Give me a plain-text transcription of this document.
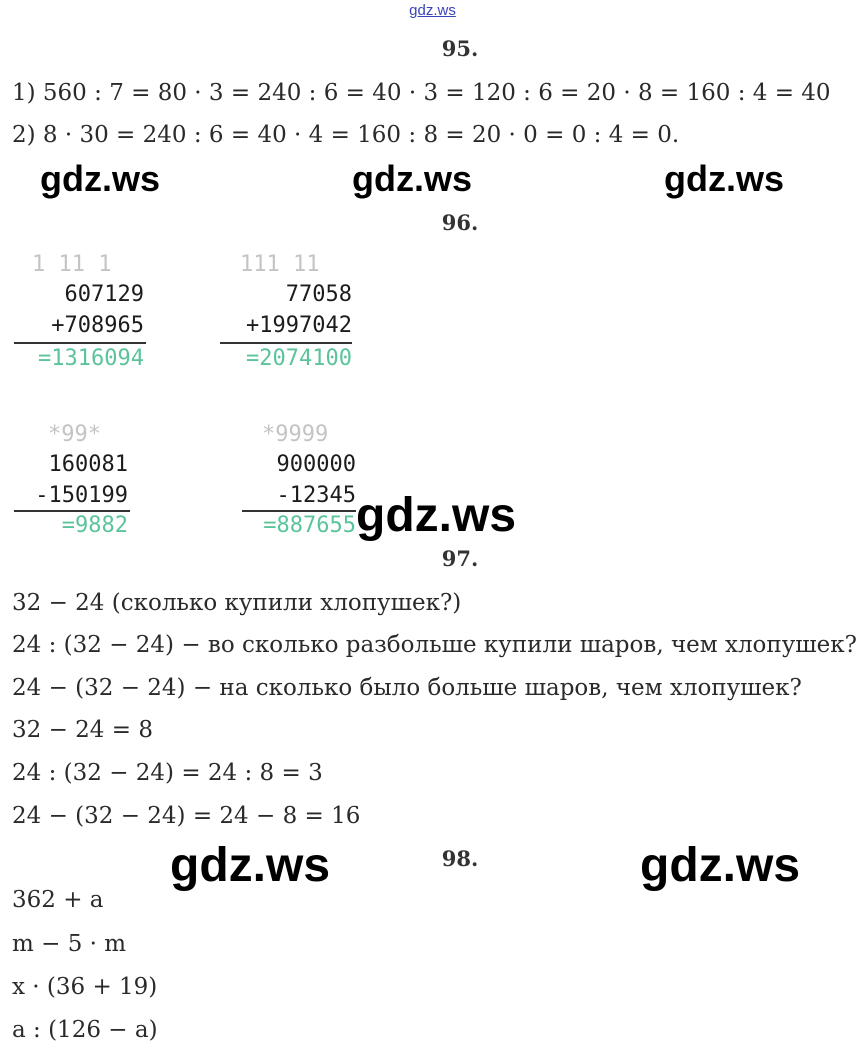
gdz.ws
95.
1) 560 : 7 = 80 · 3 = 240 : 6 = 40 · 3 = 120 : 6 = 20 · 8 = 160 : 4 = 40
2) 8 · 30 = 240 : 6 = 40 · 4 = 160 : 8 = 20 · 0 = 0 : 4 = 0.
gdz.ws	gdz.ws	gdz.ws
96.
1 11 1
607129
+708965
=1316094
111 11
77058
+1997042
=2074100
*99*
160081
-150199
=9882
*9999
900000
-12345
=887655 gdz.ws
97.
32 − 24 (сколько купили хлопушек?)
24 : (32 − 24) − во сколько разбольше купили шаров, чем хлопушек?
24 − (32 − 24) − на сколько было больше шаров, чем хлопушек?
32 − 24 = 8
24 : (32 − 24) = 24 : 8 = 3
24 − (32 − 24) = 24 − 8 = 16
gdz.ws	gdz.ws
98.
362 + a
m − 5 · m
x · (36 + 19)
a : (126 − a)
